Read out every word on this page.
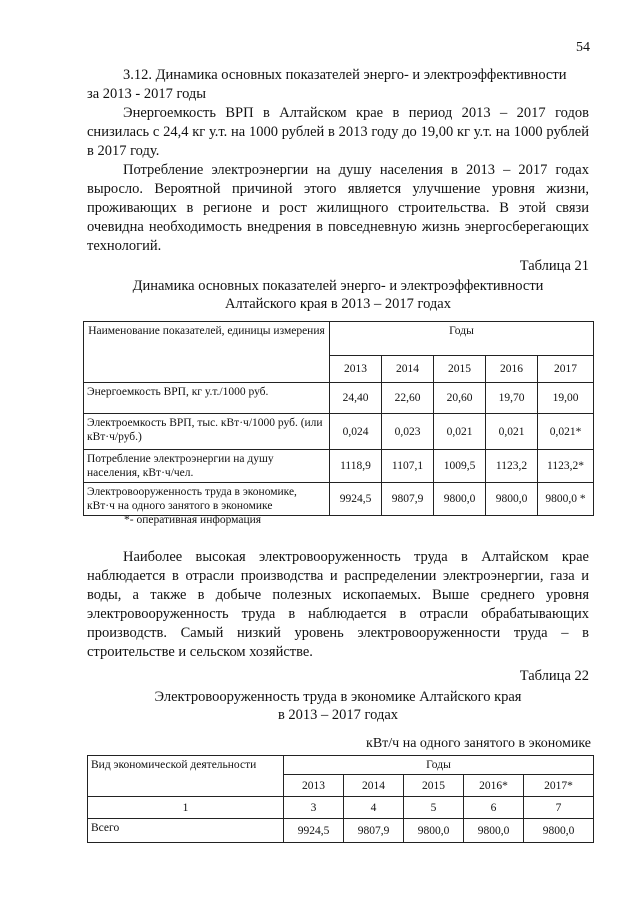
54

3.12. Динамика основных показателей энерго- и электроэффективности

за 2013 - 2017 годы

Энергоемкость ВРП в Алтайском крае в период 2013 – 2017 годов снизилась с 24,4 кг у.т. на 1000 рублей в 2013 году до 19,00 кг у.т. на 1000 рублей в 2017 году.

Потребление электроэнергии на душу населения в 2013 – 2017 годах выросло. Вероятной причиной этого является улучшение уровня жизни, проживающих в регионе и рост жилищного строительства. В этой связи очевидна необходимость внедрения в повседневную жизнь энергосберегающих технологий.

Таблица 21
Динамика основных показателей энерго- и электроэффективности
Алтайского края в 2013 – 2017 годах
Наименование показателей, единицы измерения	Годы				
	2013	2014	2015	2016	2017
Энергоемкость ВРП, кг у.т./1000 руб.	24,40	22,60	20,60	19,70	19,00
Электроемкость ВРП, тыс. кВт·ч/1000 руб. (или кВт·ч/руб.)	0,024	0,023	0,021	0,021	0,021*
Потребление электроэнергии на душу населения, кВт·ч/чел.	1118,9	1107,1	1009,5	1123,2	1123,2*
Электровооруженность труда в экономике, кВт·ч на одного занятого в экономике	9924,5	9807,9	9800,0	9800,0	9800,0 *
*- оперативная информация

Наиболее высокая электровооруженность труда в Алтайском крае наблюдается в отрасли производства и распределении электроэнергии, газа и воды, а также в добыче полезных ископаемых. Выше среднего уровня электровооруженность труда в наблюдается в отрасли обрабатывающих производств. Самый низкий уровень электровооруженности труда – в строительстве и сельском хозяйстве.

Таблица 22
Электровооруженность труда в экономике Алтайского края
в 2013 – 2017 годах
кВт/ч на одного занятого в экономике
Вид экономической деятельности	Годы				
	2013	2014	2015	2016*	2017*
1	3	4	5	6	7
Всего	9924,5	9807,9	9800,0	9800,0	9800,0
